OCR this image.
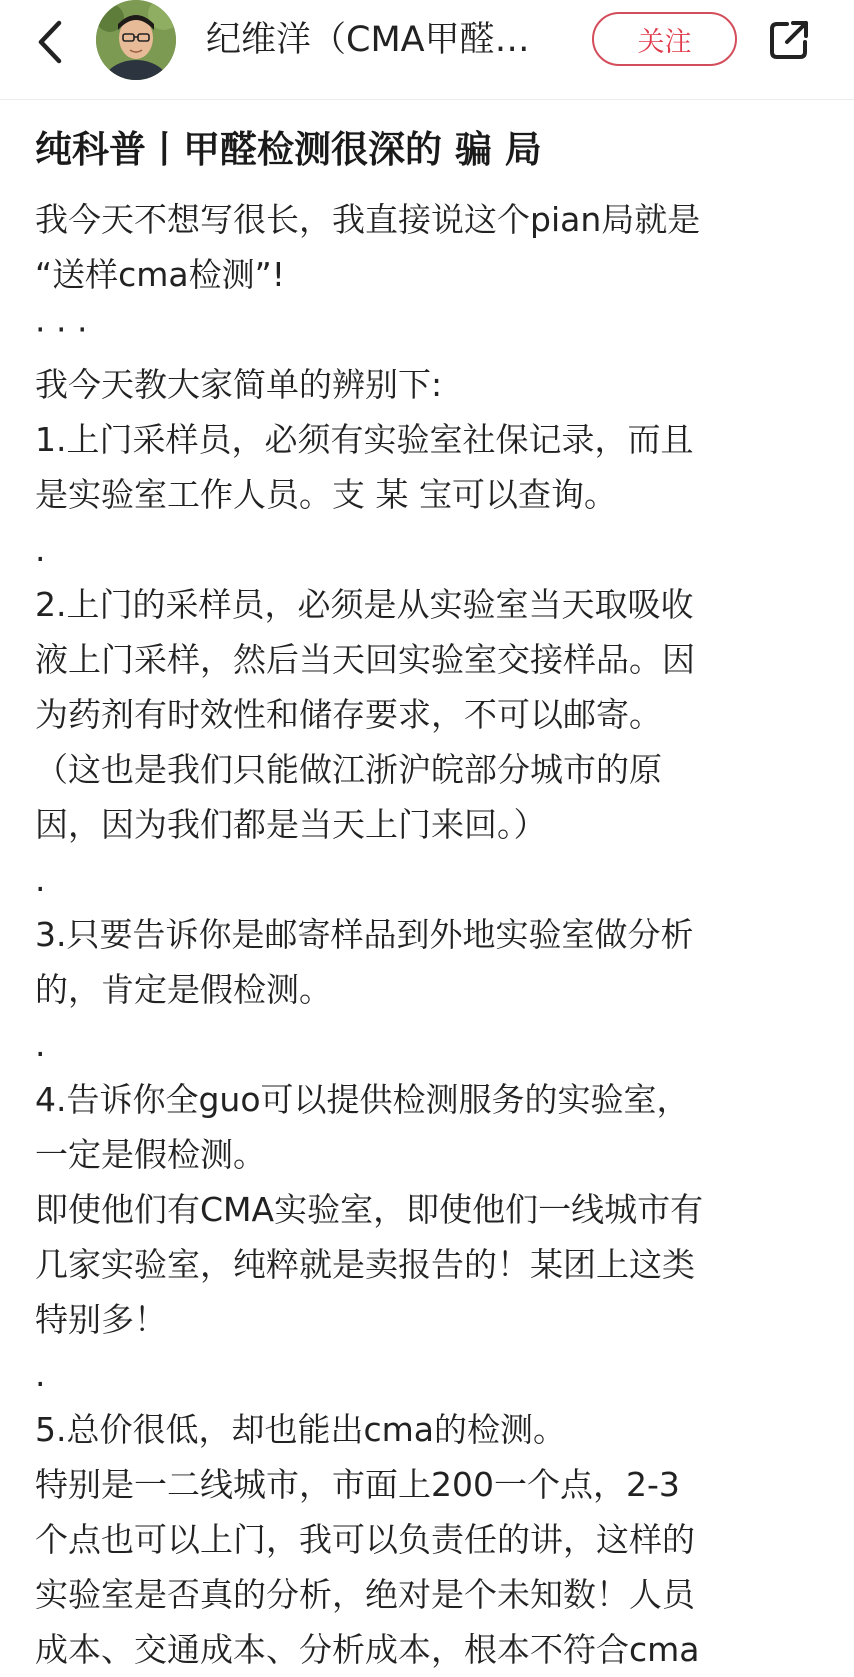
纪维洋（CMA甲醛…	关注
纯科普丨甲醛检测很深的 骗 局
我今天不想写很长，我直接说这个pian局就是
“送样cma检测”!
· · ·
我今天教大家简单的辨别下:
1.上门采样员，必须有实验室社保记录，而且
是实验室工作人员。支 某 宝可以查询。
.
2.上门的采样员，必须是从实验室当天取吸收
液上门采样，然后当天回实验室交接样品。因
为药剂有时效性和储存要求，不可以邮寄。
（这也是我们只能做江浙沪皖部分城市的原
因，因为我们都是当天上门来回。）
.
3.只要告诉你是邮寄样品到外地实验室做分析
的，肯定是假检测。
.
4.告诉你全guo可以提供检测服务的实验室，
一定是假检测。
即使他们有CMA实验室，即使他们一线城市有
几家实验室，纯粹就是卖报告的！某团上这类
特别多！
.
5.总价很低，却也能出cma的检测。
特别是一二线城市，市面上200一个点，2-3
个点也可以上门，我可以负责任的讲，这样的
实验室是否真的分析，绝对是个未知数！人员
成本、交通成本、分析成本，根本不符合cma
